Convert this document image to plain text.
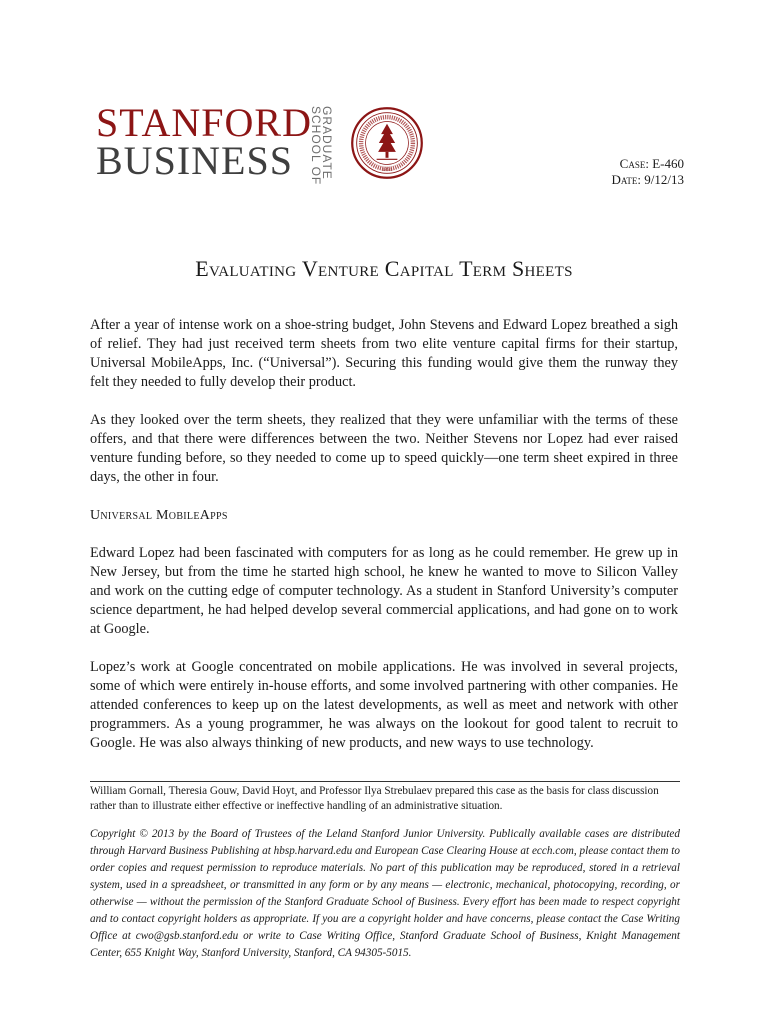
STANFORD
BUSINESS	GRADUATE
SCHOOL OF	1891	Case: E-460
Date: 9/12/13
Evaluating Venture Capital Term Sheets

After a year of intense work on a shoe-string budget, John Stevens and Edward Lopez breathed a sigh of relief. They had just received term sheets from two elite venture capital firms for their startup, Universal MobileApps, Inc. (“Universal”). Securing this funding would give them the runway they felt they needed to fully develop their product.

As they looked over the term sheets, they realized that they were unfamiliar with the terms of these offers, and that there were differences between the two. Neither Stevens nor Lopez had ever raised venture funding before, so they needed to come up to speed quickly—one term sheet expired in three days, the other in four.

Universal MobileApps

Edward Lopez had been fascinated with computers for as long as he could remember. He grew up in New Jersey, but from the time he started high school, he knew he wanted to move to Silicon Valley and work on the cutting edge of computer technology. As a student in Stanford University’s computer science department, he had helped develop several commercial applications, and had gone on to work at Google.

Lopez’s work at Google concentrated on mobile applications. He was involved in several projects, some of which were entirely in-house efforts, and some involved partnering with other companies. He attended conferences to keep up on the latest developments, as well as meet and network with other programmers. As a young programmer, he was always on the lookout for good talent to recruit to Google. He was also always thinking of new products, and new ways to use technology.

William Gornall, Theresia Gouw, David Hoyt, and Professor Ilya Strebulaev prepared this case as the basis for class discussion rather than to illustrate either effective or ineffective handling of an administrative situation.
Copyright © 2013 by the Board of Trustees of the Leland Stanford Junior University. Publically available cases are distributed through Harvard Business Publishing at hbsp.harvard.edu and European Case Clearing House at ecch.com, please contact them to order copies and request permission to reproduce materials. No part of this publication may be reproduced, stored in a retrieval system, used in a spreadsheet, or transmitted in any form or by any means — electronic, mechanical, photocopying, recording, or otherwise — without the permission of the Stanford Graduate School of Business. Every effort has been made to respect copyright and to contact copyright holders as appropriate. If you are a copyright holder and have concerns, please contact the Case Writing Office at cwo@gsb.stanford.edu or write to Case Writing Office, Stanford Graduate School of Business, Knight Management Center, 655 Knight Way, Stanford University, Stanford, CA 94305-5015.
